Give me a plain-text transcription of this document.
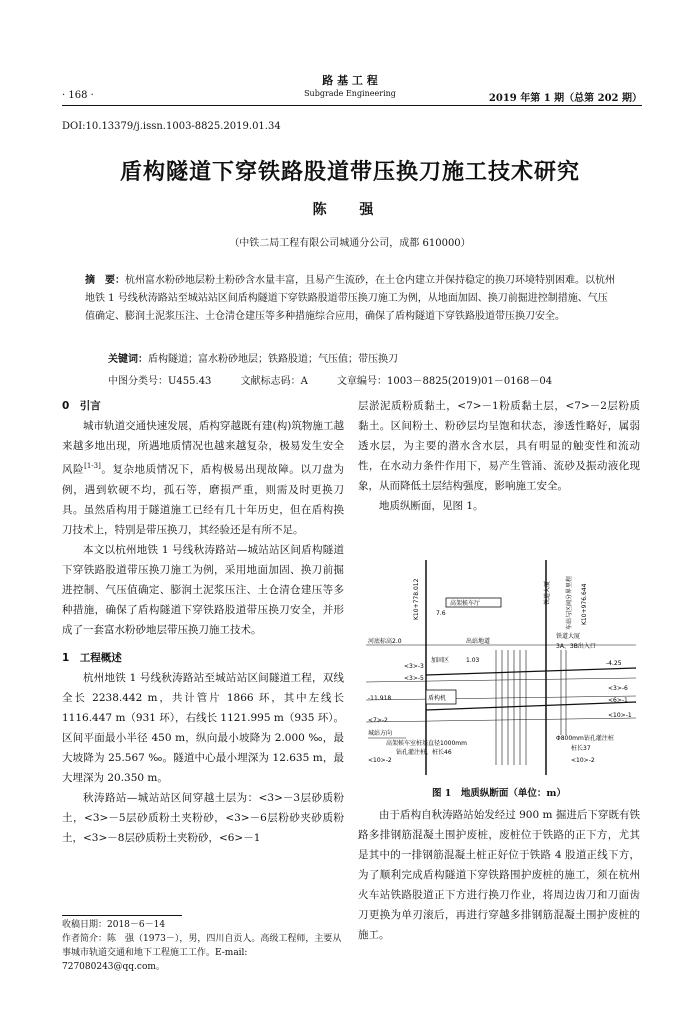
· 168 ·
路 基 工 程
Subgrade Engineering	2019 年第 1 期（总第 202 期）
DOI:10.13379/j.issn.1003-8825.2019.01.34
盾构隧道下穿铁路股道带压换刀施工技术研究
陈 强
（中铁二局工程有限公司城通分公司，成都 610000）
摘　要：杭州富水粉砂地层粉土粉砂含水量丰富，且易产生流砂，在土仓内建立并保持稳定的换刀环境特别困难。以杭州地铁 1 号线秋涛路站至城站站区间盾构隧道下穿铁路股道带压换刀施工为例，从地面加固、换刀前掘进控制措施、气压值确定、膨润土泥浆压注、土仓清仓建压等多种措施综合应用，确保了盾构隧道下穿铁路股道带压换刀安全。
关键词：盾构隧道；富水粉砂地层；铁路股道；气压值；带压换刀
中图分类号：U455.43	文献标志码：A	文章编号：1003－8825(2019)01－0168－04
0　引言

城市轨道交通快速发展，盾构穿越既有建(构)筑物施工越来越多地出现，所遇地质情况也越来越复杂，极易发生安全风险[1-3]。复杂地质情况下，盾构极易出现故障。以刀盘为例，遇到软硬不均，孤石等，磨损严重，则需及时更换刀具。虽然盾构用于隧道施工已经有几十年历史，但在盾构换刀技术上，特别是带压换刀，其经验还是有所不足。

本文以杭州地铁 1 号线秋涛路站—城站站区间盾构隧道下穿铁路股道带压换刀施工为例，采用地面加固、换刀前掘进控制、气压值确定、膨润土泥浆压注、土仓清仓建压等多种措施，确保了盾构隧道下穿铁路股道带压换刀安全，并形成了一套富水粉砂地层带压换刀施工技术。

1　工程概述

杭州地铁 1 号线秋涛路站至城站站区间隧道工程，双线全长 2238.442 m，共计管片 1866 环，其中左线长 1116.447 m（931 环），右线长 1121.995 m（935 环）。区间平面最小半径 450 m，纵向最小坡降为 2.000 ‰，最大坡降为 25.567 ‰。隧道中心最小埋深为 12.635 m，最大埋深为 20.350 m。

秋涛路站—城站站区间穿越土层为：<3>－3层砂质粉土，<3>－5层砂质粉土夹粉砂，<3>－6层粉砂夹砂质粉土，<3>－8层砂质粉土夹粉砂，<6>－1

层淤泥质粉质黏土，<7>－1粉质黏土层，<7>－2层粉质黏土。区间粉土、粉砂层均呈饱和状态，渗透性略好，属弱透水层，为主要的潜水含水层，具有明显的触变性和流动性，在水动力条件作用下，易产生管涌、流砂及振动液化现象，从而降低土层结构强度，影响施工安全。

地质纵断面，见图 1。

K10+778.012	K10+976.644
铁道大厦	车站与区间分界里程
高架候车厅
7.6
河底标高2.0	出站地道
铁道大厦
3A、3B出入口
加固区	1.03
<3>-3
<3>-5
盾构机
-11.918
-4.25
<3>-6
<6>-1
<10>-1
<7>-2
城站方向
高架候车室桩基直径1000mm
钻孔灌注桩，桩长46
<10>-2
Φ800mm钻孔灌注桩
桩长37
<10>-2
图 1　地质纵断面（单位：m）

由于盾构自秋涛路站始发经过 900 m 掘进后下穿既有铁路多排钢筋混凝土围护废桩，废桩位于铁路的正下方，尤其是其中的一排钢筋混凝土桩正好位于铁路 4 股道正线下方，为了顺利完成盾构隧道下穿铁路围护废桩的施工，须在杭州火车站铁路股道正下方进行换刀作业，将周边齿刀和刀面齿刀更换为单刃滚后，再进行穿越多排钢筋混凝土围护废桩的施工。

收稿日期：2018－6－14
作者简介：陈　强（1973－），男，四川自贡人。高级工程师，主要从事城市轨道交通和地下工程施工工作。E-mail: 727080243@qq.com。
